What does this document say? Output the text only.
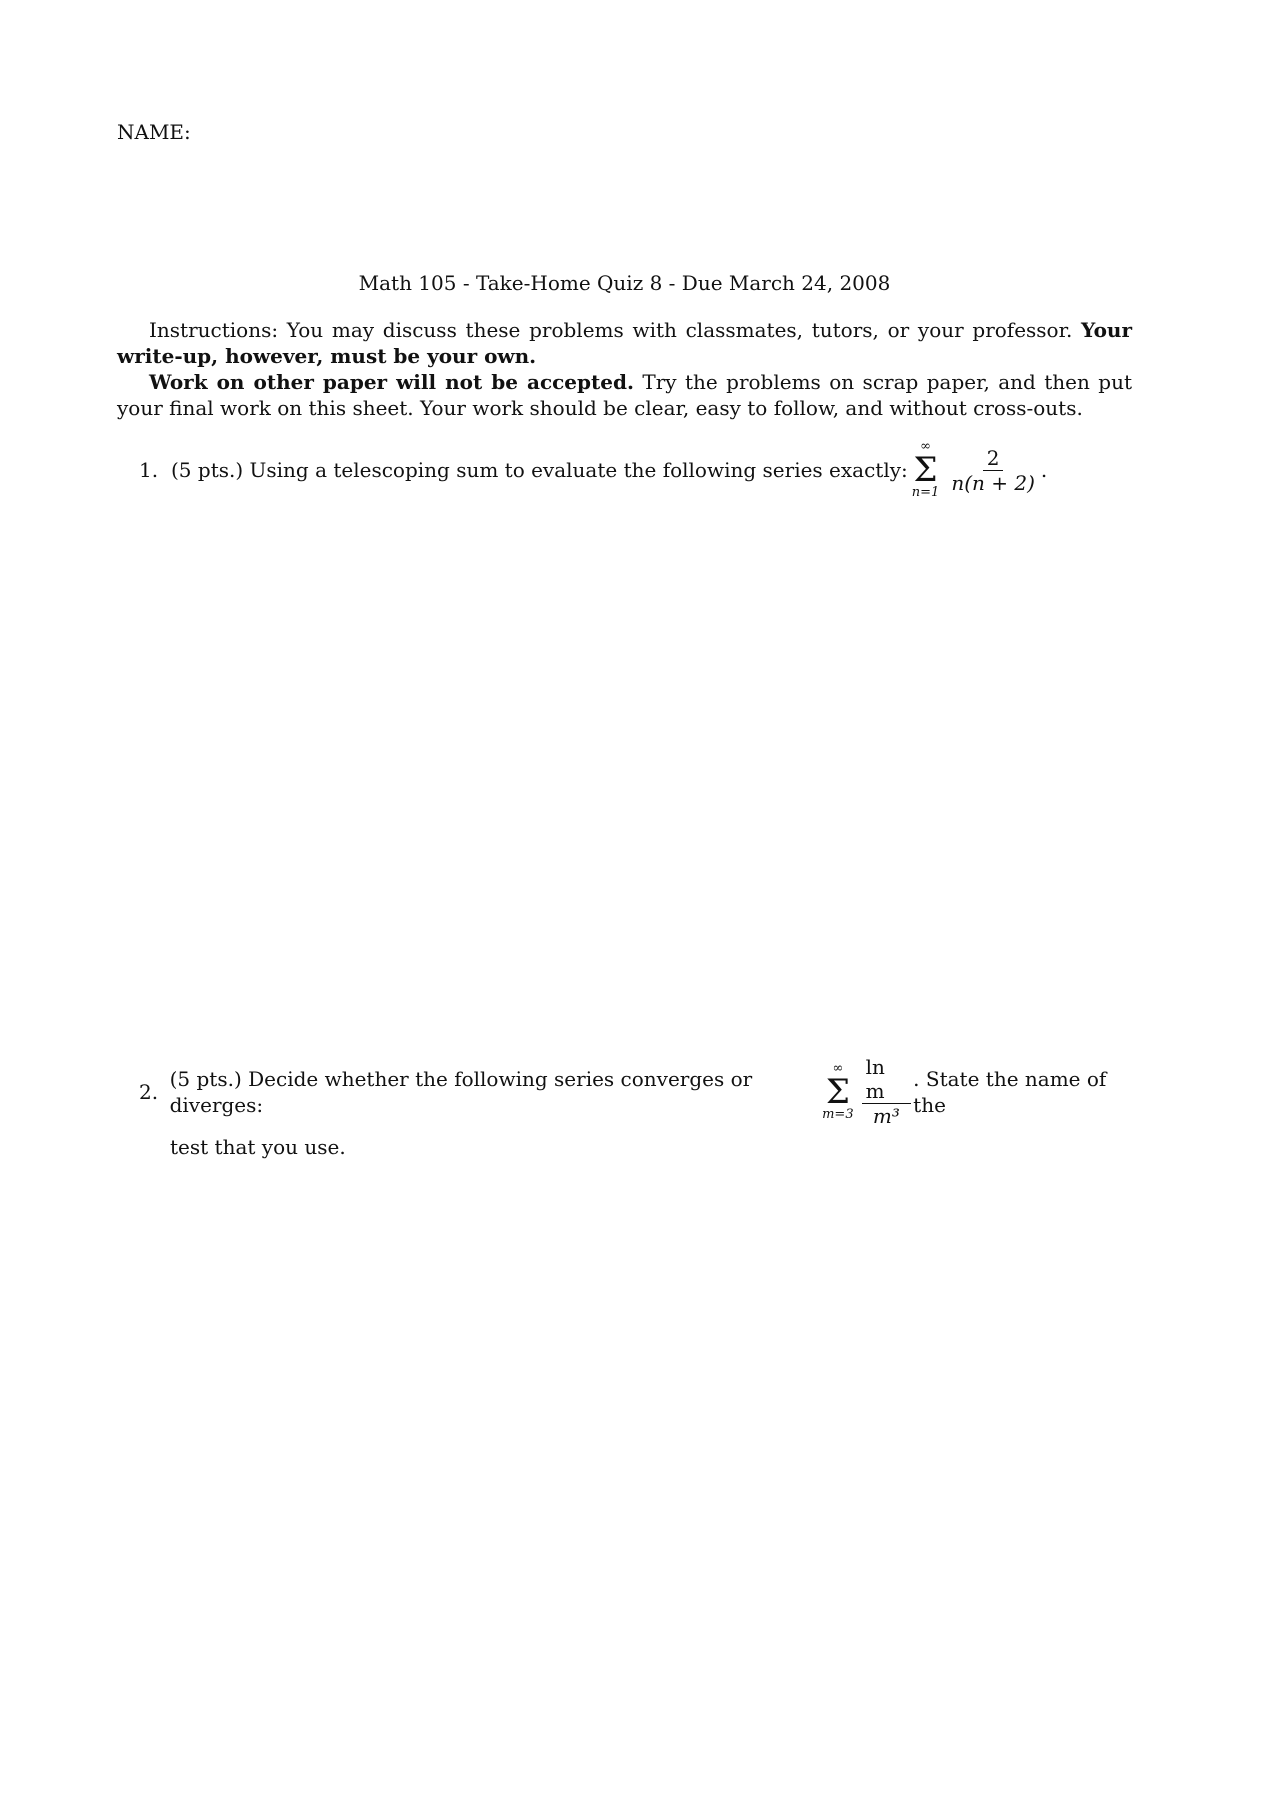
NAME:
Math 105 - Take-Home Quiz 8 - Due March 24, 2008

Instructions: You may discuss these problems with classmates, tutors, or your professor. Your write-up, however, must be your own.

Work on other paper will not be accepted. Try the problems on scrap paper, and then put your final work on this sheet. Your work should be clear, easy to follow, and without cross-outs.

1. (5 pts.) Using a telescoping sum to evaluate the following series exactly:
∞
Σ
$n=1 \frac{2}{n(n + 2)}$ .
2.
(5 pts.) Decide whether the following series converges or diverges:
∞
Σ
$m=3 \frac{\text{ln m}}{\text{m³}}$ . State the name of the
test that you use.
